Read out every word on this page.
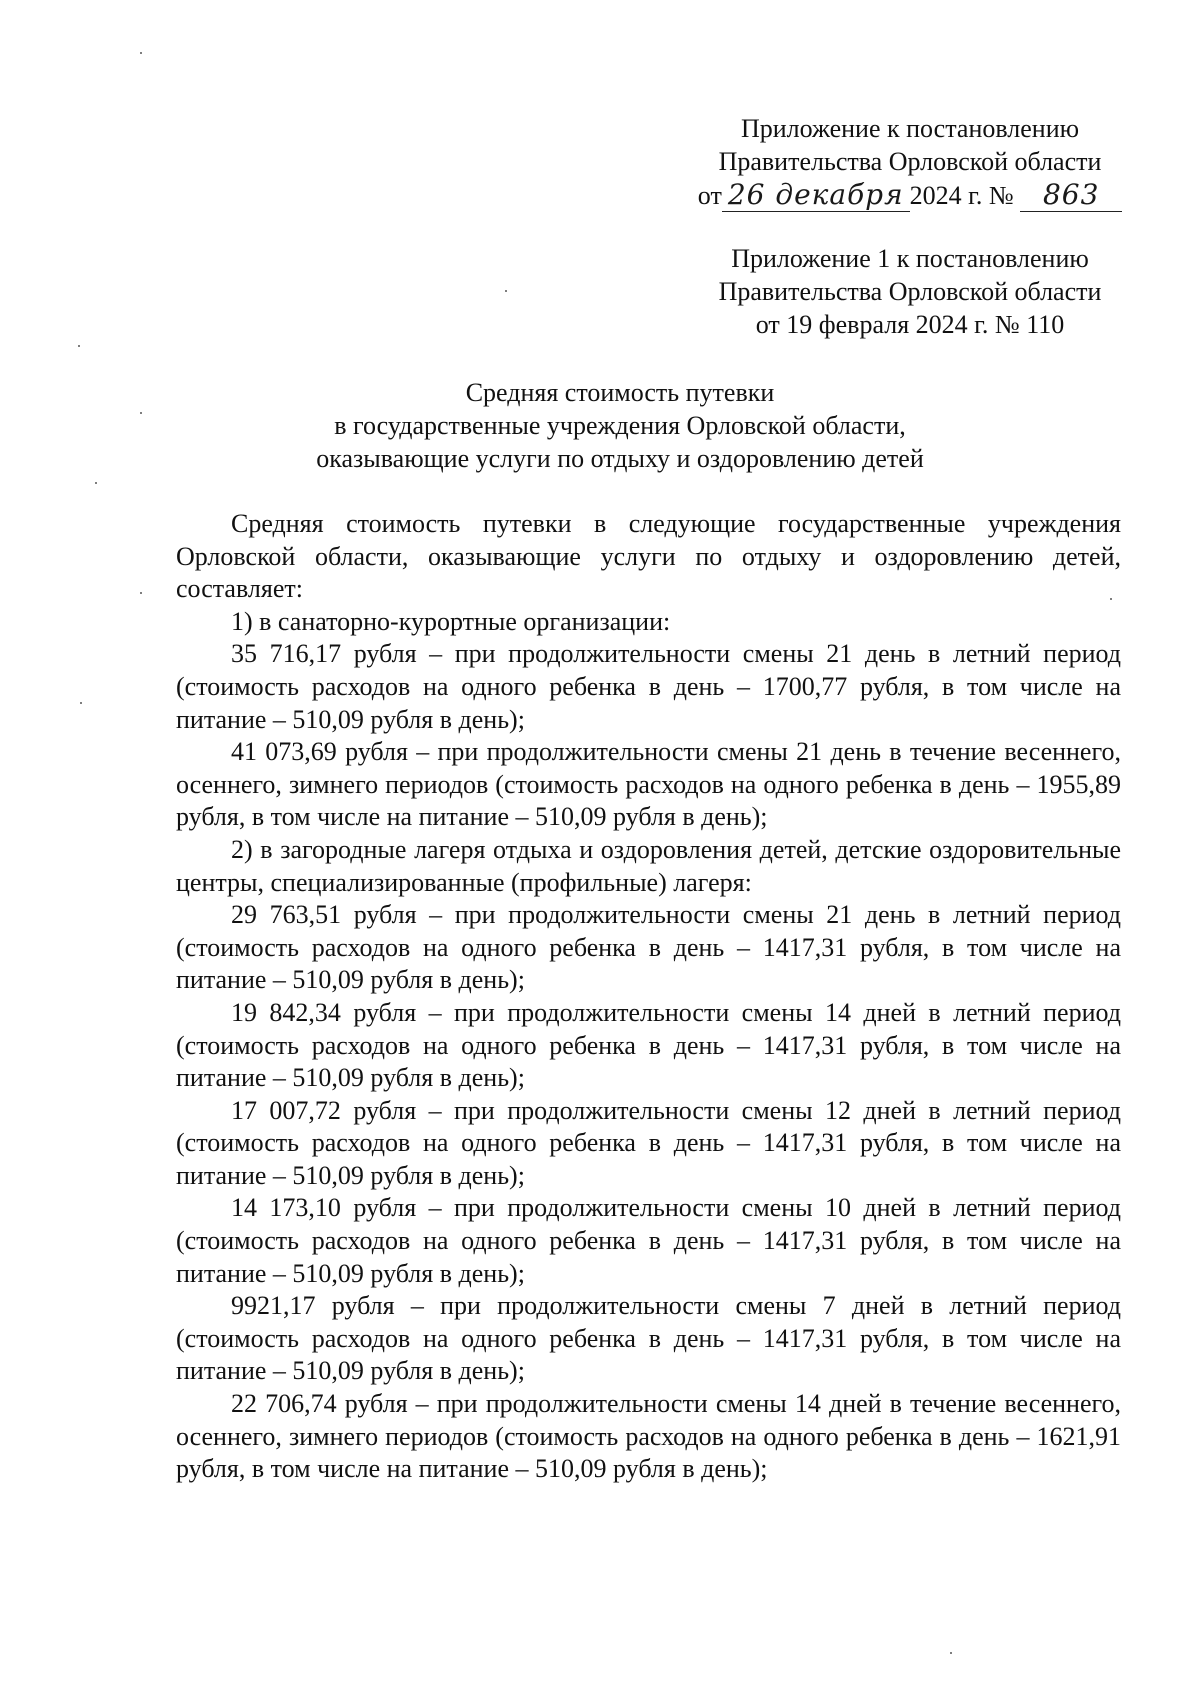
Приложение к постановлению
Правительства Орловской области
от 26 декабря 2024 г. № 863
Приложение 1 к постановлению
Правительства Орловской области
от 19 февраля 2024 г. № 110
Средняя стоимость путевки
в государственные учреждения Орловской области,
оказывающие услуги по отдыху и оздоровлению детей

Средняя стоимость путевки в следующие государственные учреждения Орловской области, оказывающие услуги по отдыху и оздоровлению детей, составляет:

1) в санаторно-курортные организации:

35 716,17 рубля – при продолжительности смены 21 день в летний период (стоимость расходов на одного ребенка в день – 1700,77 рубля, в том числе на питание – 510,09 рубля в день);

41 073,69 рубля – при продолжительности смены 21 день в течение весеннего, осеннего, зимнего периодов (стоимость расходов на одного ребенка в день – 1955,89 рубля, в том числе на питание – 510,09 рубля в день);

2) в загородные лагеря отдыха и оздоровления детей, детские оздоровительные центры, специализированные (профильные) лагеря:

29 763,51 рубля – при продолжительности смены 21 день в летний период (стоимость расходов на одного ребенка в день – 1417,31 рубля, в том числе на питание – 510,09 рубля в день);

19 842,34 рубля – при продолжительности смены 14 дней в летний период (стоимость расходов на одного ребенка в день – 1417,31 рубля, в том числе на питание – 510,09 рубля в день);

17 007,72 рубля – при продолжительности смены 12 дней в летний период (стоимость расходов на одного ребенка в день – 1417,31 рубля, в том числе на питание – 510,09 рубля в день);

14 173,10 рубля – при продолжительности смены 10 дней в летний период (стоимость расходов на одного ребенка в день – 1417,31 рубля, в том числе на питание – 510,09 рубля в день);

9921,17 рубля – при продолжительности смены 7 дней в летний период (стоимость расходов на одного ребенка в день – 1417,31 рубля, в том числе на питание – 510,09 рубля в день);

22 706,74 рубля – при продолжительности смены 14 дней в течение весеннего, осеннего, зимнего периодов (стоимость расходов на одного ребенка в день – 1621,91 рубля, в том числе на питание – 510,09 рубля в день);
